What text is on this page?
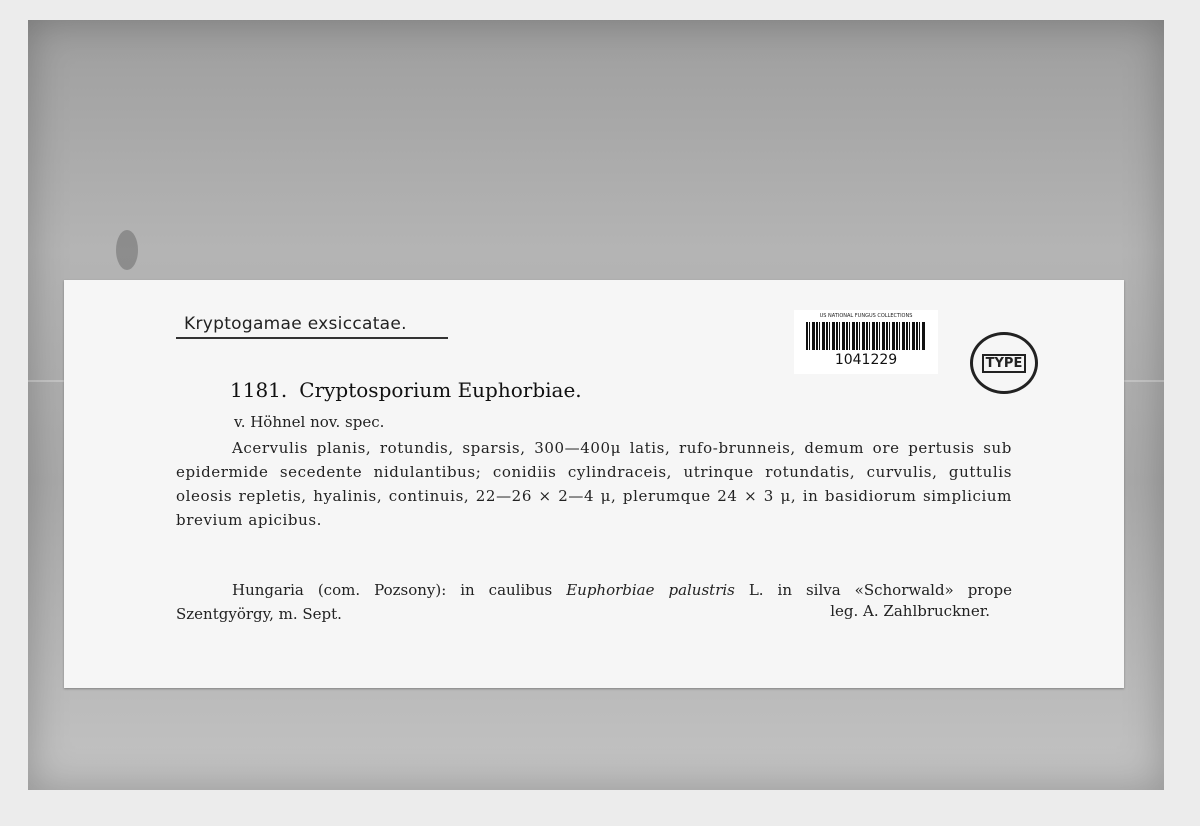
Kryptogamae exsiccatae.	US NATIONAL FUNGUS COLLECTIONS
1041229	TYPE
1181. Cryptosporium Euphorbiae.
v. Höhnel nov. spec.
Acervulis planis, rotundis, sparsis, 300—400μ latis, rufo-brunneis, demum ore pertusis sub epidermide secedente nidulantibus; conidiis cylindraceis, utrinque rotundatis, curvulis, guttulis oleosis repletis, hyalinis, continuis, 22—26 × 2—4 μ, plerumque 24 × 3 μ, in basidiorum simplicium brevium apicibus.
Hungaria (com. Pozsony): in caulibus Euphorbiae palustris L. in silva «Schorwald» prope Szentgyörgy, m. Sept.	leg. A. Zahlbruckner.
